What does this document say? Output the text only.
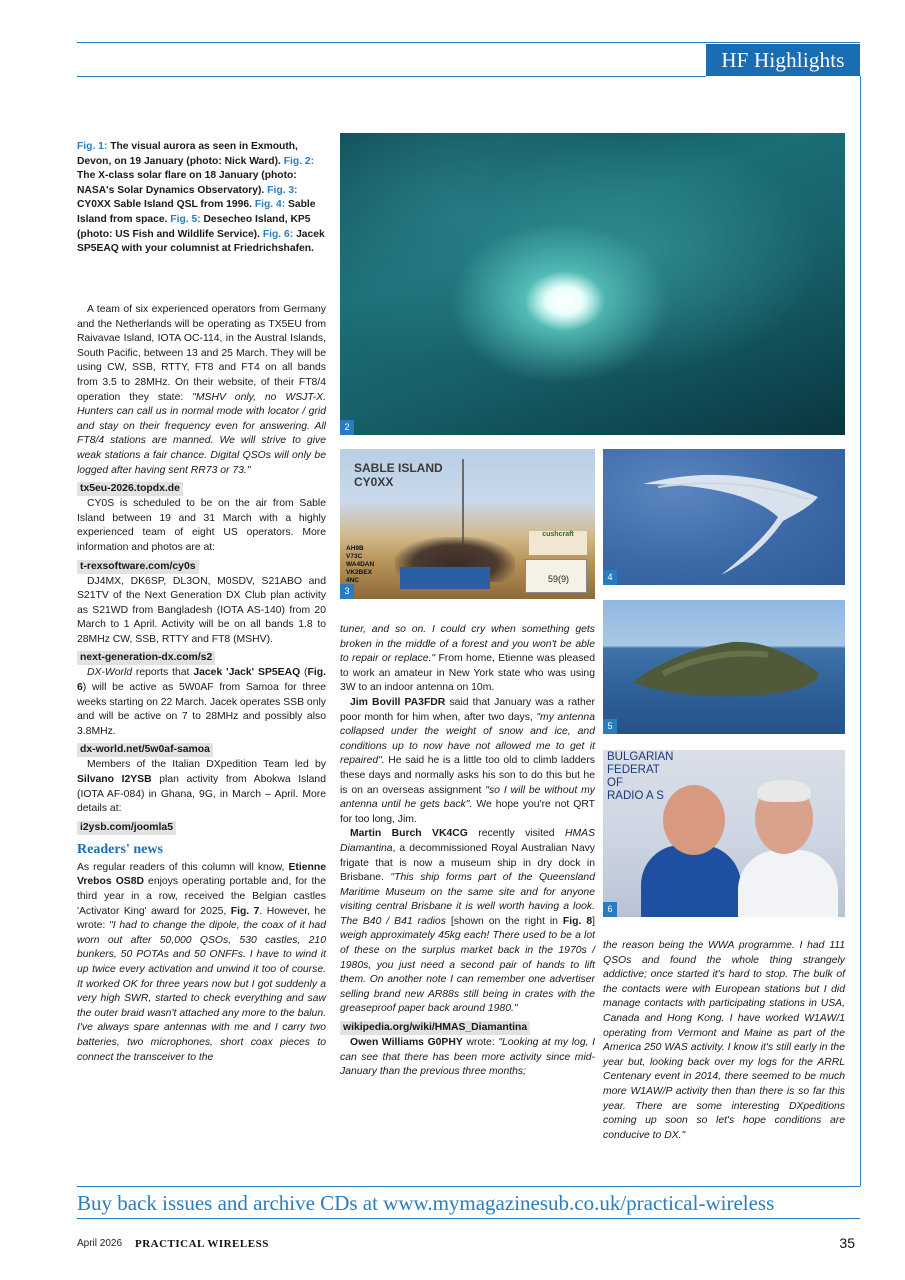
HF Highlights
Fig. 1: The visual aurora as seen in Exmouth, Devon, on 19 January (photo: Nick Ward). Fig. 2: The X-class solar flare on 18 January (photo: NASA's Solar Dynamics Observatory). Fig. 3: CY0XX Sable Island QSL from 1996. Fig. 4: Sable Island from space. Fig. 5: Desecheo Island, KP5 (photo: US Fish and Wildlife Service). Fig. 6: Jacek SP5EAQ with your columnist at Friedrichshafen.

A team of six experienced operators from Germany and the Netherlands will be operating as TX5EU from Raivavae Island, IOTA OC-114, in the Austral Islands, South Pacific, between 13 and 25 March. They will be using CW, SSB, RTTY, FT8 and FT4 on all bands from 3.5 to 28MHz. On their website, of their FT8/4 operation they state: "MSHV only, no WSJT-X. Hunters can call us in normal mode with locator / grid and stay on their frequency even for answering. All FT8/4 stations are manned. We will strive to give weak stations a fair chance. Digital QSOs will only be logged after having sent RR73 or 73."

tx5eu-2026.topdx.de

CY0S is scheduled to be on the air from Sable Island between 19 and 31 March with a highly experienced team of eight US operators. More information and photos are at:

t-rexsoftware.com/cy0s

DJ4MX, DK6SP, DL3ON, M0SDV, S21ABO and S21TV of the Next Generation DX Club plan activity as S21WD from Bangladesh (IOTA AS-140) from 20 March to 1 April. Activity will be on all bands 1.8 to 28MHz CW, SSB, RTTY and FT8 (MSHV).

next-generation-dx.com/s2

DX-World reports that Jacek 'Jack' SP5EAQ (Fig. 6) will be active as 5W0AF from Samoa for three weeks starting on 22 March. Jacek operates SSB only and will be active on 7 to 28MHz and possibly also 3.8MHz.

dx-world.net/5w0af-samoa

Members of the Italian DXpedition Team led by Silvano I2YSB plan activity from Abokwa Island (IOTA AF-084) in Ghana, 9G, in March – April. More details at:

i2ysb.com/joomla5
Readers' news

As regular readers of this column will know, Etienne Vrebos OS8D enjoys operating portable and, for the third year in a row, received the Belgian castles 'Activator King' award for 2025, Fig. 7. However, he wrote: "I had to change the dipole, the coax of it had worn out after 50,000 QSOs, 530 castles, 210 bunkers, 50 POTAs and 50 ONFFs. I have to wind it up twice every activation and unwind it too of course. It worked OK for three years now but I got suddenly a very high SWR, started to check everything and saw the outer braid wasn't attached any more to the balun. I've always spare antennas with me and I carry two batteries, two microphones, short coax pieces to connect the transceiver to the

tuner, and so on. I could cry when something gets broken in the middle of a forest and you won't be able to repair or replace." From home, Etienne was pleased to work an amateur in New York state who was using 3W to an indoor antenna on 10m.

Jim Bovill PA3FDR said that January was a rather poor month for him when, after two days, "my antenna collapsed under the weight of snow and ice, and conditions up to now have not allowed me to get it repaired". He said he is a little too old to climb ladders these days and normally asks his son to do this but he is on an overseas assignment "so I will be without my antenna until he gets back". We hope you're not QRT for too long, Jim.

Martin Burch VK4CG recently visited HMAS Diamantina, a decommissioned Royal Australian Navy frigate that is now a museum ship in dry dock in Brisbane. "This ship forms part of the Queensland Maritime Museum on the same site and for anyone visiting central Brisbane it is well worth having a look. The B40 / B41 radios [shown on the right in Fig. 8] weigh approximately 45kg each! There used to be a lot of these on the surplus market back in the 1970s / 1980s, you just need a second pair of hands to lift them. On another note I can remember one advertiser selling brand new AR88s still being in crates with the greaseproof paper back around 1980."

wikipedia.org/wiki/HMAS_Diamantina

Owen Williams G0PHY wrote: "Looking at my log, I can see that there has been more activity since mid-January than the previous three months;

the reason being the WWA programme. I had 111 QSOs and found the whole thing strangely addictive; once started it's hard to stop. The bulk of the contacts were with European stations but I did manage contacts with participating stations in USA, Canada and Hong Kong. I have worked W1AW/1 operating from Vermont and Maine as part of the America 250 WAS activity. I know it's still early in the year but, looking back over my logs for the ARRL Centenary event in 2014, there seemed to be much more W1AW/P activity then than there is so far this year. There are some interesting DXpeditions coming up soon so let's hope conditions are conducive to DX."

2
SABLE ISLAND
CY0XX
AH9B
V73C
WA4DAN
VK2BEX
4NC
cushcraft
59(9)
3
4
5
BULGARIAN
FEDERAT
OF
RADIO A S
6
Buy back issues and archive CDs at www.mymagazinesub.co.uk/practical-wireless
April 2026 PRACTICAL WIRELESS	35
